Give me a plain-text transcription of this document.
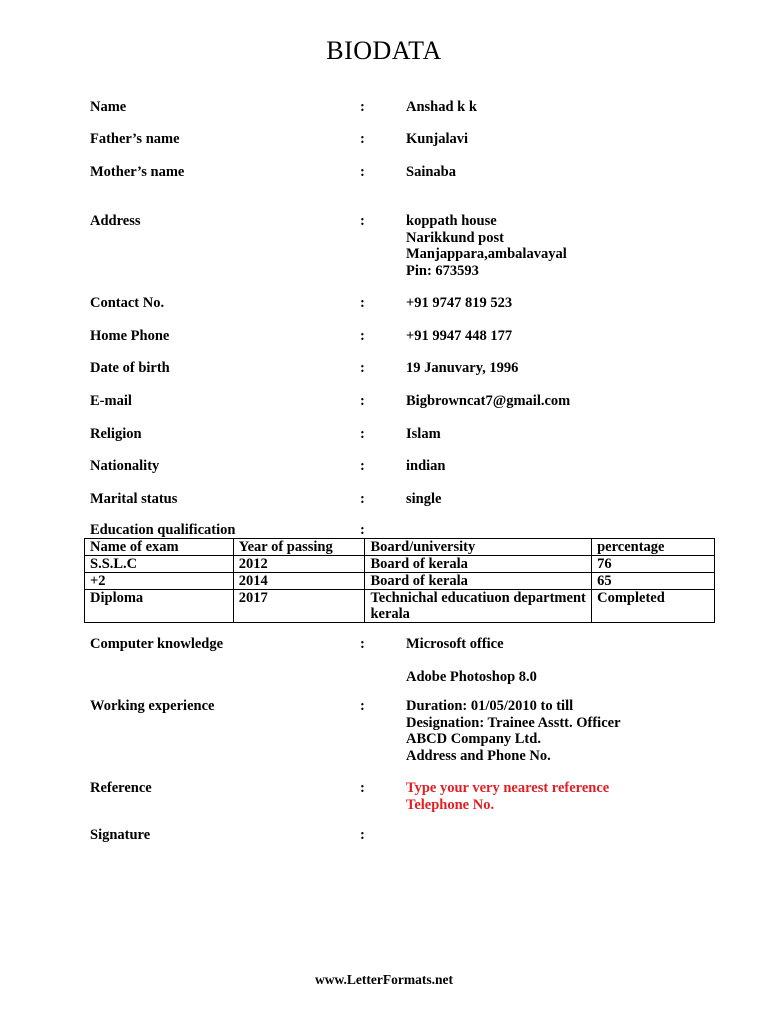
BIODATA
Name	:	Anshad k k
Father’s name	:	Kunjalavi
Mother’s name	:	Sainaba
Address	:	koppath house
Narikkund post
Manjappara,ambalavayal
Pin: 673593
Contact No.	:	+91 9747 819 523
Home Phone	:	+91 9947 448 177
Date of birth	:	19 Januvary, 1996
E-mail	:	Bigbrowncat7@gmail.com
Religion	:	Islam
Nationality	:	indian
Marital status	:	single
Education qualification	:
Name of exam	Year of passing	Board/university	percentage
S.S.L.C	2012	Board of kerala	76
+2	2014	Board of kerala	65
Diploma	2017	Technichal educatiuon department kerala	Completed
Computer knowledge	:	Microsoft office
Adobe Photoshop 8.0
Working experience	:	Duration: 01/05/2010 to till
Designation: Trainee Asstt. Officer
ABCD Company Ltd.
Address and Phone No.
Reference	:	Type your very nearest reference
Telephone No.
Signature	:
www.LetterFormats.net
